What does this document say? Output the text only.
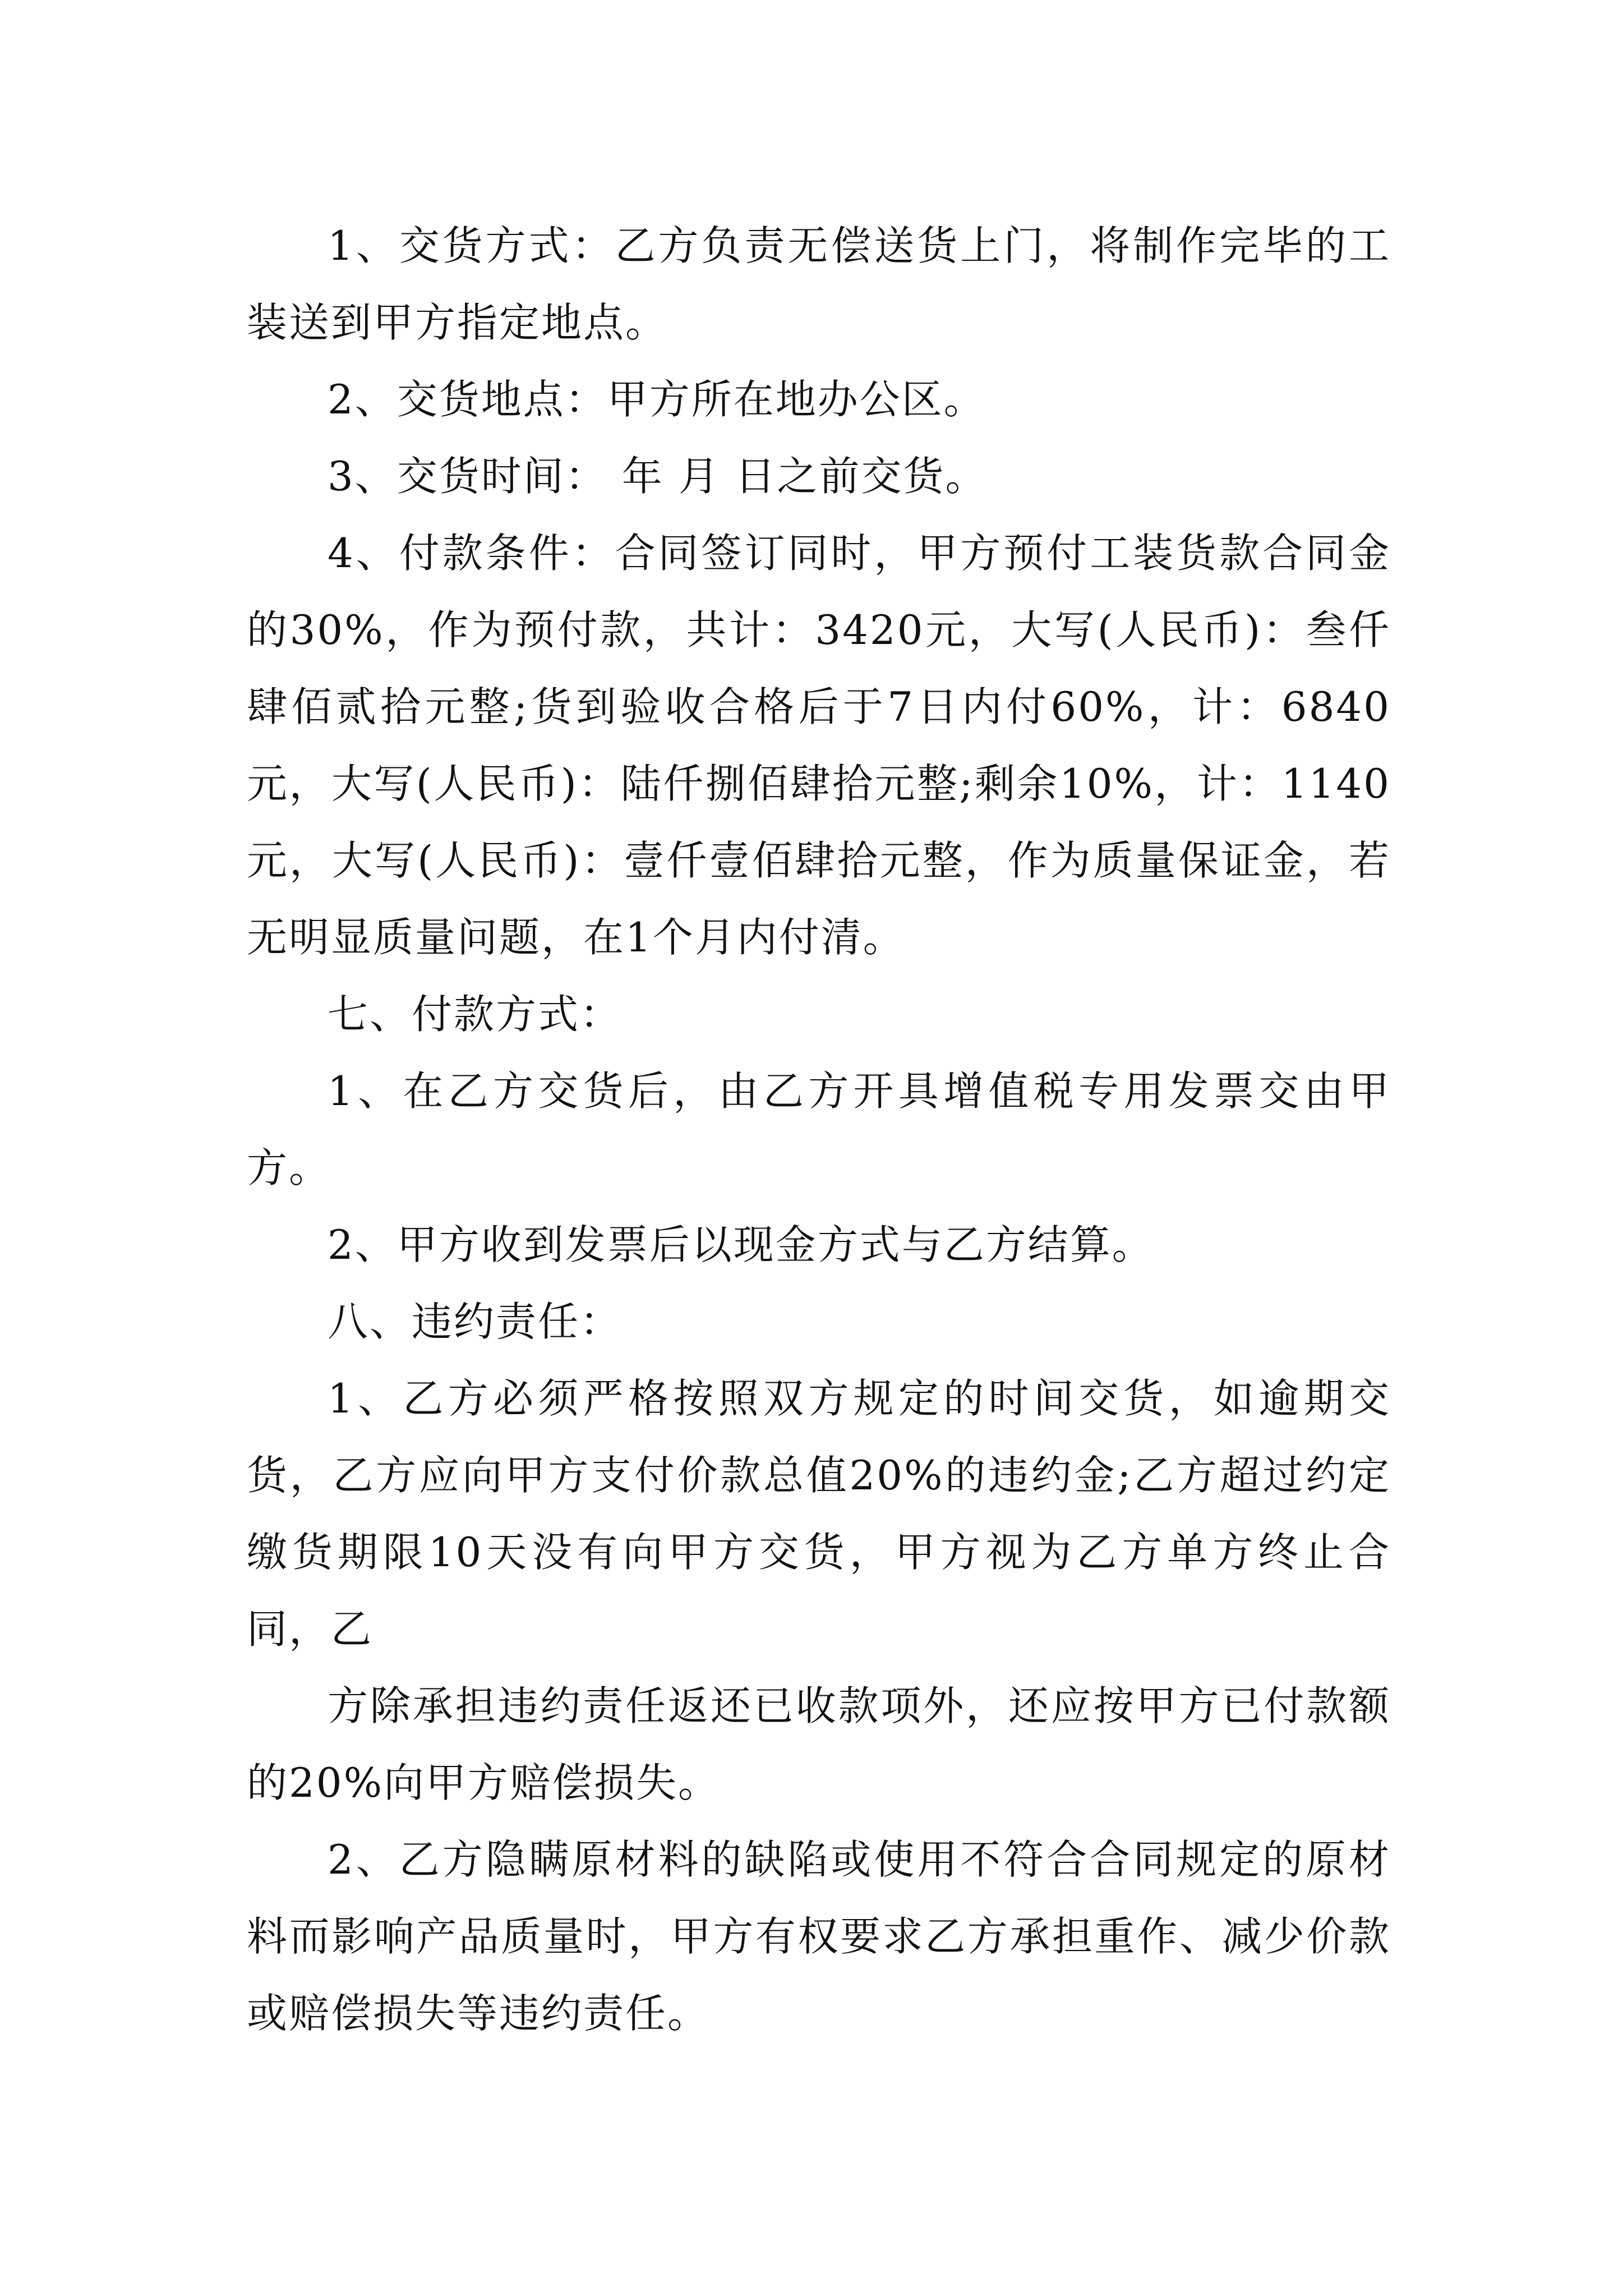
1、交货方式：乙方负责无偿送货上门，将制作完毕的工装送到甲方指定地点。

2、交货地点：甲方所在地办公区。

3、交货时间： 年 月 日之前交货。

4、付款条件：合同签订同时，甲方预付工装货款合同金的30%，作为预付款，共计：3420元，大写(人民币)：叁仟肆佰贰拾元整;货到验收合格后于7日内付60%，计：6840元，大写(人民币)：陆仟捌佰肆拾元整;剩余10%，计：1140元，大写(人民币)：壹仟壹佰肆拾元整，作为质量保证金，若无明显质量问题，在1个月内付清。

七、付款方式：

1、在乙方交货后，由乙方开具增值税专用发票交由甲方。

2、甲方收到发票后以现金方式与乙方结算。

八、违约责任：

1、乙方必须严格按照双方规定的时间交货，如逾期交货，乙方应向甲方支付价款总值20%的违约金;乙方超过约定缴货期限10天没有向甲方交货，甲方视为乙方单方终止合同，乙

方除承担违约责任返还已收款项外，还应按甲方已付款额的20%向甲方赔偿损失。

2、乙方隐瞒原材料的缺陷或使用不符合合同规定的原材料而影响产品质量时，甲方有权要求乙方承担重作、减少价款或赔偿损失等违约责任。
